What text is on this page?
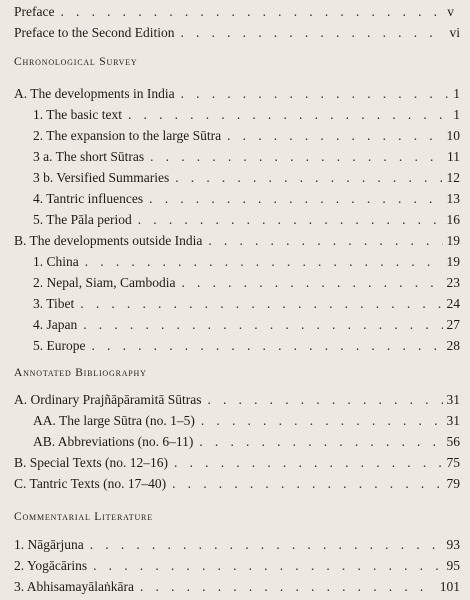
Preface . . .	v
Preface to the Second Edition . . .	vi
Chronological Survey
A. The developments in India . . .	1
1. The basic text . . .	1
2. The expansion to the large Sūtra . . .	10
3 a. The short Sūtras . . .	11
3 b. Versified Summaries . . .	12
4. Tantric influences . . .	13
5. The Pāla period . . .	16
B. The developments outside India . . .	19
1. China . . .	19
2. Nepal, Siam, Cambodia . . .	23
3. Tibet . . .	24
4. Japan . . .	27
5. Europe . . .	28
Annotated Bibliography
A. Ordinary Prajñāpāramitā Sūtras . . .	31
AA. The large Sūtra (no. 1–5) . . .	31
AB. Abbreviations (no. 6–11) . . .	56
B. Special Texts (no. 12–16) . . .	75
C. Tantric Texts (no. 17–40) . . .	79
Commentarial Literature
1. Nāgārjuna . . .	93
2. Yogācārins . . .	95
3. Abhisamayālaṅkāra . . .	101
